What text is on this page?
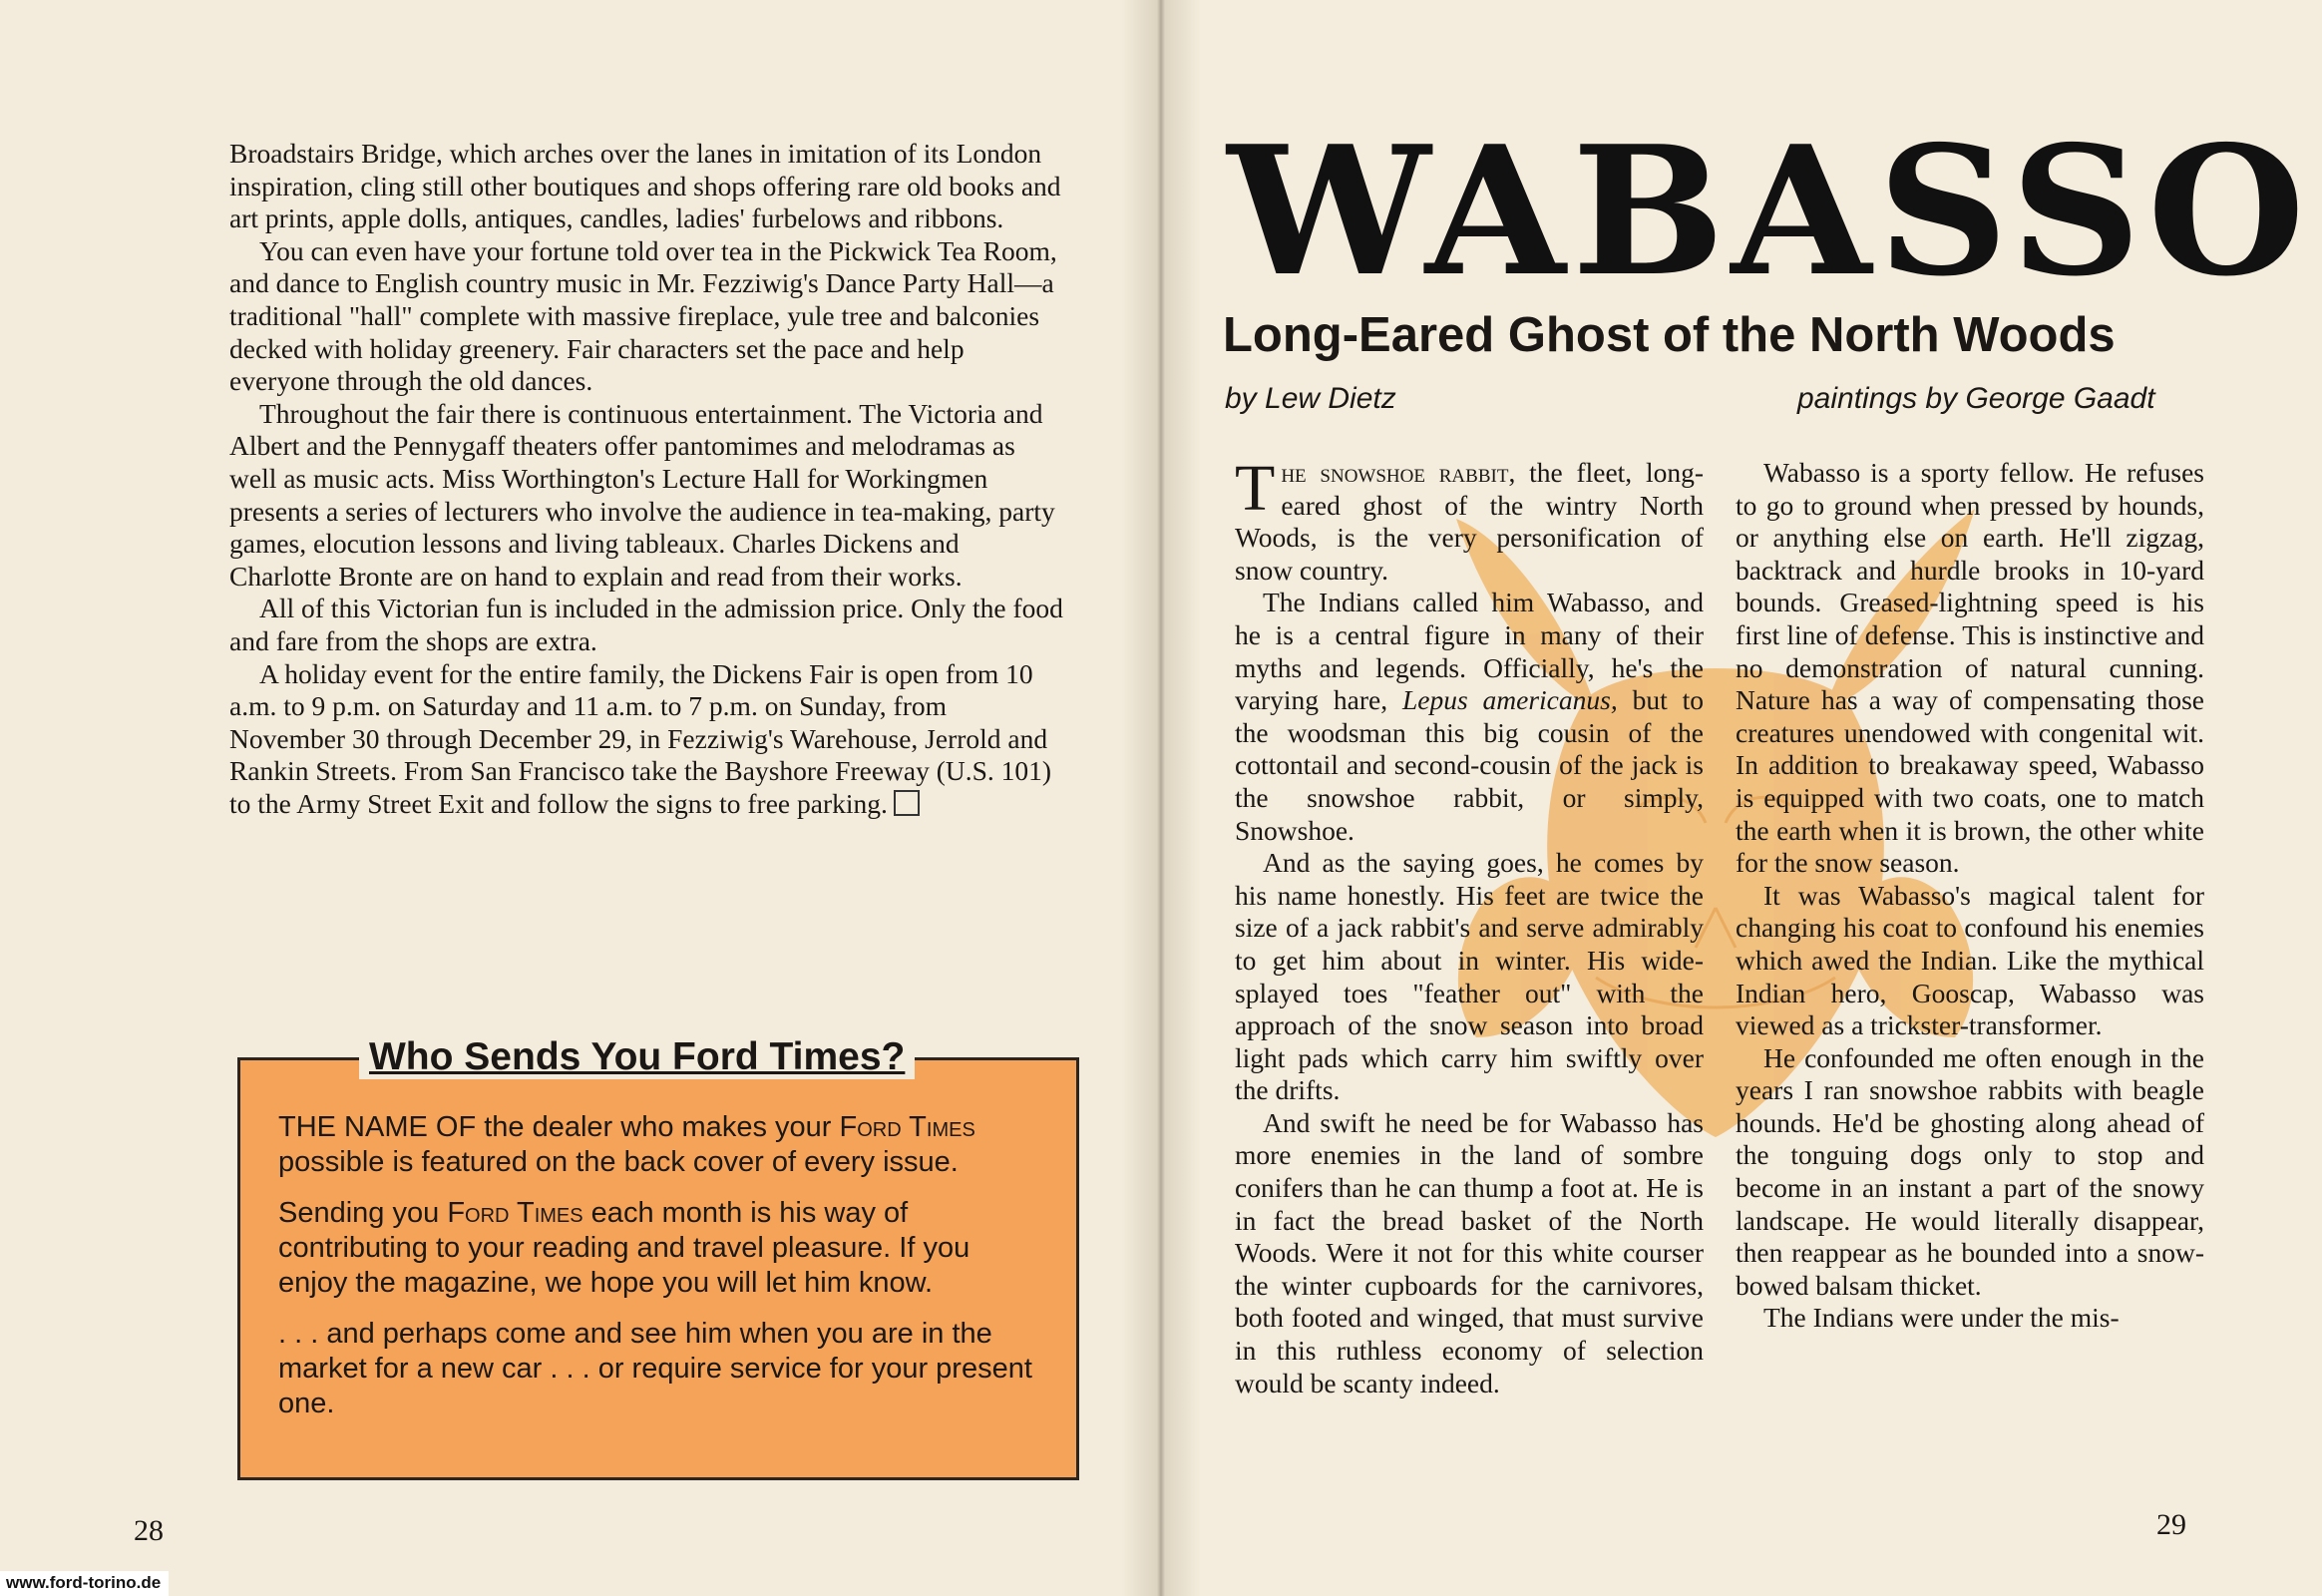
Broadstairs Bridge, which arches over the lanes in imitation of its London inspiration, cling still other boutiques and shops offering rare old books and art prints, apple dolls, antiques, candles, ladies' furbelows and ribbons.

You can even have your fortune told over tea in the Pickwick Tea Room, and dance to English country music in Mr. Fezziwig's Dance Party Hall—a traditional "hall" complete with massive fireplace, yule tree and balconies decked with holiday greenery. Fair characters set the pace and help everyone through the old dances.

Throughout the fair there is continuous entertainment. The Victoria and Albert and the Pennygaff theaters offer pantomimes and melodramas as well as music acts. Miss Worthington's Lecture Hall for Workingmen presents a series of lecturers who involve the audience in tea-making, party games, elocution lessons and living tableaux. Charles Dickens and Charlotte Bronte are on hand to explain and read from their works.

All of this Victorian fun is included in the admission price. Only the food and fare from the shops are extra.

A holiday event for the entire family, the Dickens Fair is open from 10 a.m. to 9 p.m. on Saturday and 11 a.m. to 7 p.m. on Sunday, from November 30 through December 29, in Fezziwig's Warehouse, Jerrold and Rankin Streets. From San Francisco take the Bayshore Freeway (U.S. 101) to the Army Street Exit and follow the signs to free parking.

THE NAME OF the dealer who makes your Ford Times possible is featured on the back cover of every issue.

Sending you Ford Times each month is his way of contributing to your reading and travel pleasure. If you enjoy the magazine, we hope you will let him know.

. . . and perhaps come and see him when you are in the market for a new car . . . or require service for your present one.

Who Sends You Ford Times?
28
www.ford-torino.de
WABASSO
Long-Eared Ghost of the North Woods
by Lew Dietz	paintings by George Gaadt

The snowshoe rabbit, the fleet, long-eared ghost of the wintry North Woods, is the very personification of snow country.

The Indians called him Wabasso, and he is a central figure in many of their myths and legends. Officially, he's the varying hare, Lepus americanus, but to the woodsman this big cousin of the cottontail and second-cousin of the jack is the snowshoe rabbit, or simply, Snowshoe.

And as the saying goes, he comes by his name honestly. His feet are twice the size of a jack rabbit's and serve admirably to get him about in winter. His wide-splayed toes "feather out" with the approach of the snow season into broad light pads which carry him swiftly over the drifts.

And swift he need be for Wabasso has more enemies in the land of sombre conifers than he can thump a foot at. He is in fact the bread basket of the North Woods. Were it not for this white courser the winter cupboards for the carnivores, both footed and winged, that must survive in this ruthless economy of selection would be scanty indeed.

Wabasso is a sporty fellow. He refuses to go to ground when pressed by hounds, or anything else on earth. He'll zigzag, backtrack and hurdle brooks in 10-yard bounds. Greased-lightning speed is his first line of defense. This is instinctive and no demonstration of natural cunning. Nature has a way of compensating those creatures unendowed with congenital wit. In addition to breakaway speed, Wabasso is equipped with two coats, one to match the earth when it is brown, the other white for the snow season.

It was Wabasso's magical talent for changing his coat to confound his enemies which awed the Indian. Like the mythical Indian hero, Gooscap, Wabasso was viewed as a trickster-transformer.

He confounded me often enough in the years I ran snowshoe rabbits with beagle hounds. He'd be ghosting along ahead of the tonguing dogs only to stop and become in an instant a part of the snowy landscape. He would literally disappear, then reappear as he bounded into a snow-bowed balsam thicket.

The Indians were under the mis-

29
